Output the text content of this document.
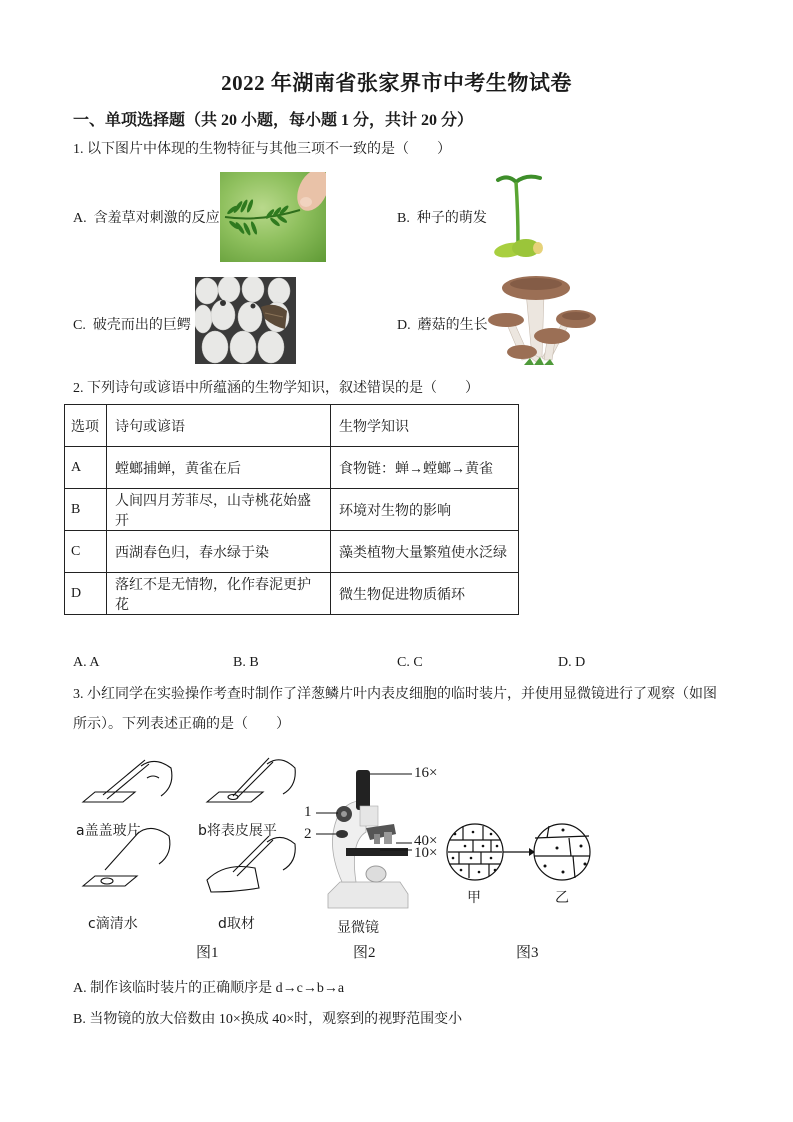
2022 年湖南省张家界市中考生物试卷
一、单项选择题（共 20 小题，每小题 1 分，共计 20 分）
1. 以下图片中体现的生物特征与其他三项不一致的是（　　）
A. 含羞草对刺激的反应	B. 种子的萌发
C. 破壳而出的巨鳄	D. 蘑菇的生长
2. 下列诗句或谚语中所蕴涵的生物学知识，叙述错误的是（　　）
选项	诗句或谚语	生物学知识
A	螳螂捕蝉，黄雀在后	食物链：蝉→螳螂→黄雀
B	人间四月芳菲尽，山寺桃花始盛开	环境对生物的影响
C	西湖春色归，春水绿于染	藻类植物大量繁殖使水泛绿
D	落红不是无情物，化作春泥更护花	微生物促进物质循环
A. A	B. B	C. C	D. D
3. 小红同学在实验操作考查时制作了洋葱鳞片叶内表皮细胞的临时装片，并使用显微镜进行了观察（如图
所示）。下列表述正确的是（　　）
a盖盖玻片	b将表皮展平
c滴清水	d取材
图1
16×
1
2	40×
10×
显微镜
图2
甲	乙
图3
A. 制作该临时装片的正确顺序是 d→c→b→a
B. 当物镜的放大倍数由 10×换成 40×时，观察到的视野范围变小
